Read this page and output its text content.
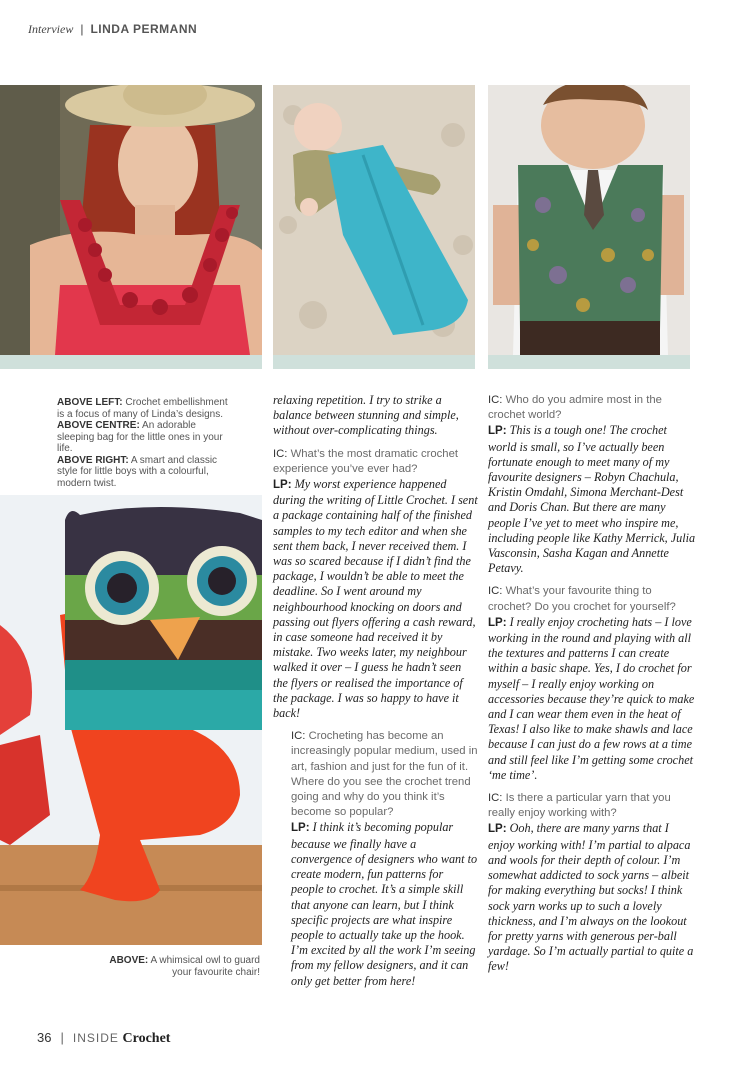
Interview | LINDA PERMANN
ABOVE LEFT: Crochet embellishment is a focus of many of Linda’s designs.
ABOVE CENTRE: An adorable sleeping bag for the little ones in your life.
ABOVE RIGHT: A smart and classic style for little boys with a colourful, modern twist.
ABOVE: A whimsical owl to guard your favourite chair!
relaxing repetition. I try to strike a balance between stunning and simple, without over-complicating things.
IC: What’s the most dramatic crochet experience you’ve ever had?
LP: My worst experience happened during the writing of Little Crochet. I sent a package containing half of the finished samples to my tech editor and when she sent them back, I never received them. I was so scared because if I didn’t find the package, I wouldn’t be able to meet the deadline. So I went around my neighbourhood knocking on doors and passing out flyers offering a cash reward, in case someone had received it by mistake. Two weeks later, my neighbour walked it over – I guess he hadn’t seen the flyers or realised the importance of the package. I was so happy to have it back!
IC: Crocheting has become an increasingly popular medium, used in art, fashion and just for the fun of it. Where do you see the crochet trend going and why do you think it’s become so popular?
LP: I think it’s becoming popular because we finally have a convergence of designers who want to create modern, fun patterns for people to crochet. It’s a simple skill that anyone can learn, but I think specific projects are what inspire people to actually take up the hook. I’m excited by all the work I’m seeing from my fellow designers, and it can only get better from here!
IC: Who do you admire most in the crochet world?
LP: This is a tough one! The crochet world is small, so I’ve actually been fortunate enough to meet many of my favourite designers – Robyn Chachula, Kristin Omdahl, Simona Merchant-Dest and Doris Chan. But there are many people I’ve yet to meet who inspire me, including people like Kathy Merrick, Julia Vasconsin, Sasha Kagan and Annette Petavy.
IC: What’s your favourite thing to crochet? Do you crochet for yourself?
LP: I really enjoy crocheting hats – I love working in the round and playing with all the textures and patterns I can create within a basic shape. Yes, I do crochet for myself – I really enjoy working on accessories because they’re quick to make and I can wear them even in the heat of Texas! I also like to make shawls and lace because I can just do a few rows at a time and still feel like I’m getting some crochet ‘me time’.
IC: Is there a particular yarn that you really enjoy working with?
LP: Ooh, there are many yarns that I enjoy working with! I’m partial to alpaca and wools for their depth of colour. I’m somewhat addicted to sock yarns – albeit for making everything but socks! I think sock yarn works up to such a lovely thickness, and I’m always on the lookout for pretty yarns with generous per-ball yardage. So I’m actually partial to quite a few!
36 | INSIDE Crochet
